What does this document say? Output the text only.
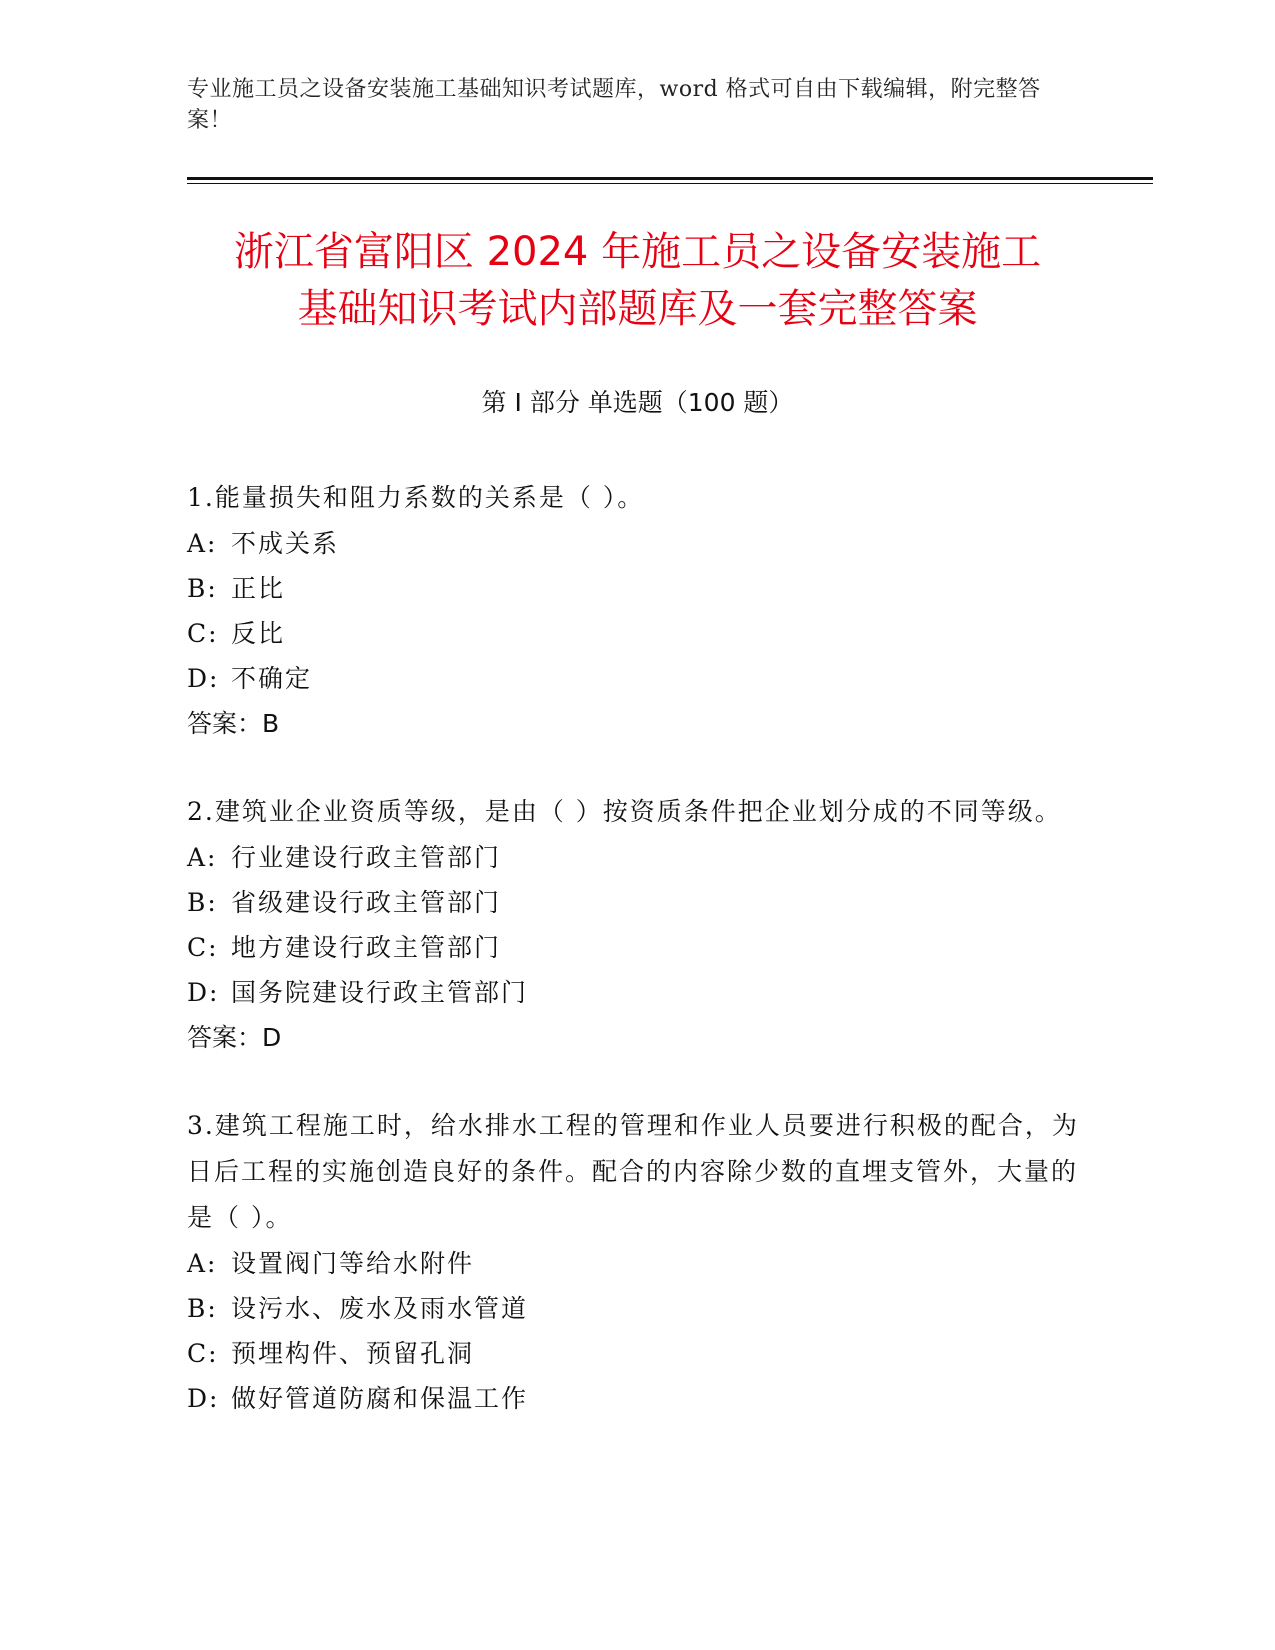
专业施工员之设备安装施工基础知识考试题库，word 格式可自由下载编辑，附完整答案！
浙江省富阳区 2024 年施工员之设备安装施工
基础知识考试内部题库及一套完整答案
第 I 部分 单选题（100 题）
1.能量损失和阻力系数的关系是（ ）。
A: 不成关系
B: 正比
C: 反比
D: 不确定
答案：B
2.建筑业企业资质等级，是由（ ）按资质条件把企业划分成的不同等级。
A: 行业建设行政主管部门
B: 省级建设行政主管部门
C: 地方建设行政主管部门
D: 国务院建设行政主管部门
答案：D
3.建筑工程施工时，给水排水工程的管理和作业人员要进行积极的配合，为日后工程的实施创造良好的条件。配合的内容除少数的直埋支管外，大量的是（ ）。
A: 设置阀门等给水附件
B: 设污水、废水及雨水管道
C: 预埋构件、预留孔洞
D: 做好管道防腐和保温工作
